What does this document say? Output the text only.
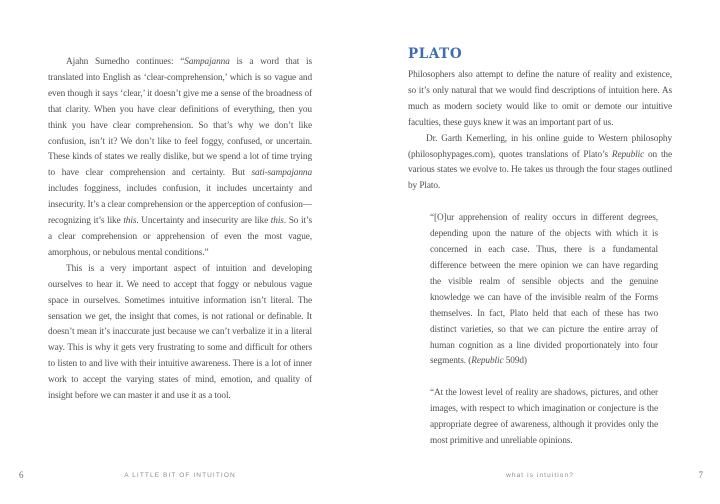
Ajahn Sumedho continues: “Sampajanna is a word that is translated into English as ‘clear-comprehension,’ which is so vague and even though it says ‘clear,’ it doesn’t give me a sense of the broadness of that clarity. When you have clear definitions of everything, then you think you have clear comprehension. So that’s why we don’t like confusion, isn’t it? We don’t like to feel foggy, confused, or uncertain. These kinds of states we really dislike, but we spend a lot of time trying to have clear comprehension and certainty. But sati-sampajanna includes fogginess, includes confusion, it includes uncertainty and insecurity. It’s a clear comprehension or the apperception of confusion—recognizing it’s like this. Uncertainty and insecurity are like this. So it’s a clear comprehension or apprehension of even the most vague, amorphous, or nebulous mental conditions.”

This is a very important aspect of intuition and developing ourselves to hear it. We need to accept that foggy or nebulous vague space in ourselves. Sometimes intuitive information isn’t literal. The sensation we get, the insight that comes, is not rational or definable. It doesn’t mean it’s inaccurate just because we can’t verbalize it in a literal way. This is why it gets very frustrating to some and difficult for others to listen to and live with their intuitive awareness. There is a lot of inner work to accept the varying states of mind, emotion, and quality of insight before we can master it and use it as a tool.

6	A LITTLE BIT OF INTUITION
PLATO

Philosophers also attempt to define the nature of reality and existence, so it’s only natural that we would find descriptions of intuition here. As much as modern society would like to omit or demote our intuitive faculties, these guys knew it was an important part of us.

Dr. Garth Kemerling, in his online guide to Western philosophy (philosophypages.com), quotes translations of Plato’s Republic on the various states we evolve to. He takes us through the four stages outlined by Plato.

“[O]ur apprehension of reality occurs in different degrees, depending upon the nature of the objects with which it is concerned in each case. Thus, there is a fundamental difference between the mere opinion we can have regarding the visible realm of sensible objects and the genuine knowledge we can have of the invisible realm of the Forms themselves. In fact, Plato held that each of these has two distinct varieties, so that we can picture the entire array of human cognition as a line divided proportionately into four segments. (Republic 509d)
“At the lowest level of reality are shadows, pictures, and other images, with respect to which imagination or conjecture is the appropriate degree of awareness, although it provides only the most primitive and unreliable opinions.
what is intuition?	7
